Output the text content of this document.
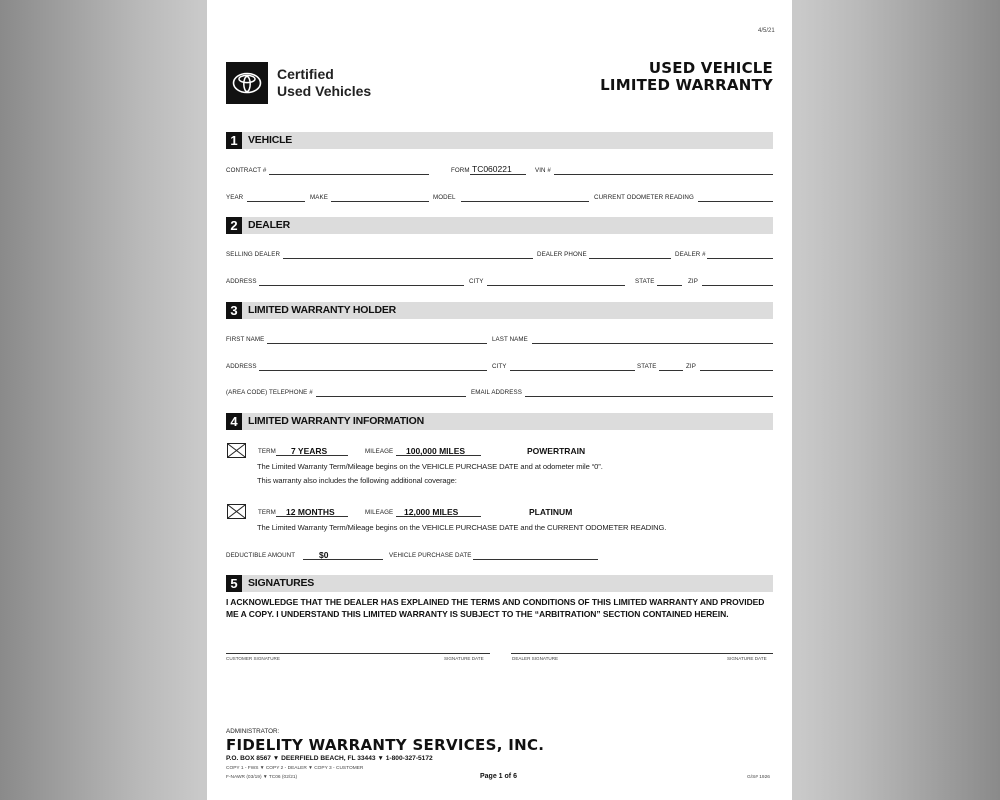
4/5/21
Certified
Used Vehicles
USED VEHICLE
LIMITED WARRANTY
1 VEHICLE
CONTRACT #	FORM TC060221	VIN #
YEAR	MAKE	MODEL	CURRENT ODOMETER READING
2 DEALER
SELLING DEALER	DEALER PHONE	DEALER #
ADDRESS	CITY	STATE	ZIP
3 LIMITED WARRANTY HOLDER
FIRST NAME	LAST NAME
ADDRESS	CITY	STATE	ZIP
(AREA CODE) TELEPHONE #	EMAIL ADDRESS
4 LIMITED WARRANTY INFORMATION
TERM 7 YEARS	MILEAGE 100,000 MILES	POWERTRAIN
The Limited Warranty Term/Mileage begins on the VEHICLE PURCHASE DATE and at odometer mile “0”.
This warranty also includes the following additional coverage:
TERM 12 MONTHS	MILEAGE 12,000 MILES	PLATINUM
The Limited Warranty Term/Mileage begins on the VEHICLE PURCHASE DATE and the CURRENT ODOMETER READING.
DEDUCTIBLE AMOUNT	$0	VEHICLE PURCHASE DATE
5 SIGNATURES
I ACKNOWLEDGE THAT THE DEALER HAS EXPLAINED THE TERMS AND CONDITIONS OF THIS LIMITED WARRANTY AND PROVIDED ME A COPY. I UNDERSTAND THIS LIMITED WARRANTY IS SUBJECT TO THE “ARBITRATION” SECTION CONTAINED HEREIN.
CUSTOMER SIGNATURE	SIGNATURE DATE	DEALER SIGNATURE	SIGNATURE DATE
ADMINISTRATOR:
FIDELITY WARRANTY SERVICES, INC.
P.O. BOX 8567 ▼ DEERFIELD BEACH, FL 33443 ▼ 1-800-327-5172
COPY 1 - FWS ▼ COPY 2 - DEALER ▼ COPY 3 - CUSTOMER
F-NAWR (03/19) ▼ TC06 (02/21)	Page 1 of 6	G/S# 1926
